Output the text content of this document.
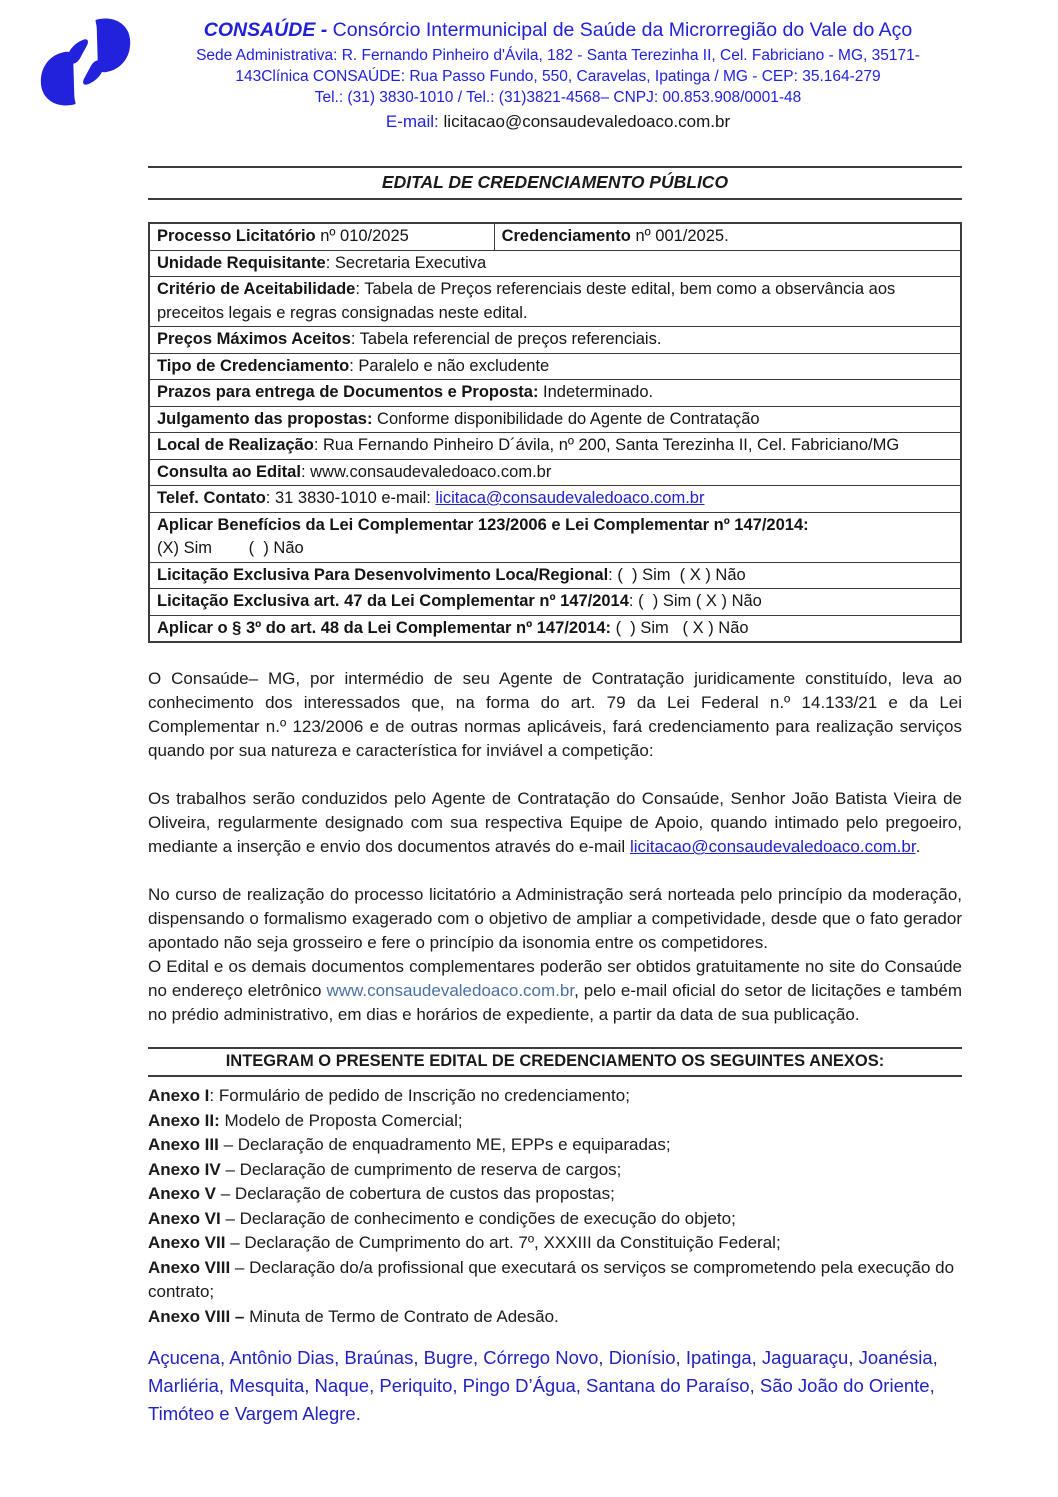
CONSAÚDE - Consórcio Intermunicipal de Saúde da Microrregião do Vale do Aço
Sede Administrativa: R. Fernando Pinheiro d'Ávila, 182 - Santa Terezinha II, Cel. Fabriciano - MG, 35171-
143Clínica CONSAÚDE: Rua Passo Fundo, 550, Caravelas, Ipatinga / MG - CEP: 35.164-279
Tel.: (31) 3830-1010 / Tel.: (31)3821-4568– CNPJ: 00.853.908/0001-48
E-mail: licitacao@consaudevaledoaco.com.br
EDITAL DE CREDENCIAMENTO PÚBLICO
Processo Licitatório nº 010/2025	Credenciamento nº 001/2025.
Unidade Requisitante: Secretaria Executiva
Critério de Aceitabilidade: Tabela de Preços referenciais deste edital, bem como a observância aos preceitos legais e regras consignadas neste edital.
Preços Máximos Aceitos: Tabela referencial de preços referenciais.
Tipo de Credenciamento: Paralelo e não excludente
Prazos para entrega de Documentos e Proposta: Indeterminado.
Julgamento das propostas: Conforme disponibilidade do Agente de Contratação
Local de Realização: Rua Fernando Pinheiro D´ávila, nº 200, Santa Terezinha II, Cel. Fabriciano/MG
Consulta ao Edital: www.consaudevaledoaco.com.br
Telef. Contato: 31 3830-1010 e-mail: licitaca@consaudevaledoaco.com.br

Aplicar Benefícios da Lei Complementar 123/2006 e Lei Complementar nº 147/2014:
(X) Sim        (  ) Não

Licitação Exclusiva Para Desenvolvimento Loca/Regional: (  ) Sim  ( X ) Não
Licitação Exclusiva art. 47 da Lei Complementar nº 147/2014: (  ) Sim ( X ) Não
Aplicar o § 3º do art. 48 da Lei Complementar nº 147/2014: (  ) Sim   ( X ) Não
O Consaúde– MG, por intermédio de seu Agente de Contratação juridicamente constituído, leva ao conhecimento dos interessados que, na forma do art. 79 da Lei Federal n.º 14.133/21 e da Lei Complementar n.º 123/2006 e de outras normas aplicáveis, fará credenciamento para realização serviços quando por sua natureza e característica for inviável a competição:
Os trabalhos serão conduzidos pelo Agente de Contratação do Consaúde, Senhor João Batista Vieira de Oliveira, regularmente designado com sua respectiva Equipe de Apoio, quando intimado pelo pregoeiro, mediante a inserção e envio dos documentos através do e-mail licitacao@consaudevaledoaco.com.br.

No curso de realização do processo licitatório a Administração será norteada pelo princípio da moderação, dispensando o formalismo exagerado com o objetivo de ampliar a competividade, desde que o fato gerador apontado não seja grosseiro e fere o princípio da isonomia entre os competidores.

O Edital e os demais documentos complementares poderão ser obtidos gratuitamente no site do Consaúde no endereço eletrônico www.consaudevaledoaco.com.br, pelo e-mail oficial do setor de licitações e também no prédio administrativo, em dias e horários de expediente, a partir da data de sua publicação.

INTEGRAM O PRESENTE EDITAL DE CREDENCIAMENTO OS SEGUINTES ANEXOS:
Anexo I: Formulário de pedido de Inscrição no credenciamento;
Anexo II: Modelo de Proposta Comercial;
Anexo III – Declaração de enquadramento ME, EPPs e equiparadas;
Anexo IV – Declaração de cumprimento de reserva de cargos;
Anexo V – Declaração de cobertura de custos das propostas;
Anexo VI – Declaração de conhecimento e condições de execução do objeto;
Anexo VII – Declaração de Cumprimento do art. 7º, XXXIII da Constituição Federal;
Anexo VIII – Declaração do/a profissional que executará os serviços se comprometendo pela execução do contrato;
Anexo VIII – Minuta de Termo de Contrato de Adesão.
Açucena, Antônio Dias, Braúnas, Bugre, Córrego Novo, Dionísio, Ipatinga, Jaguaraçu, Joanésia, Marliéria, Mesquita, Naque, Periquito, Pingo D’Água, Santana do Paraíso, São João do Oriente, Timóteo e Vargem Alegre.
